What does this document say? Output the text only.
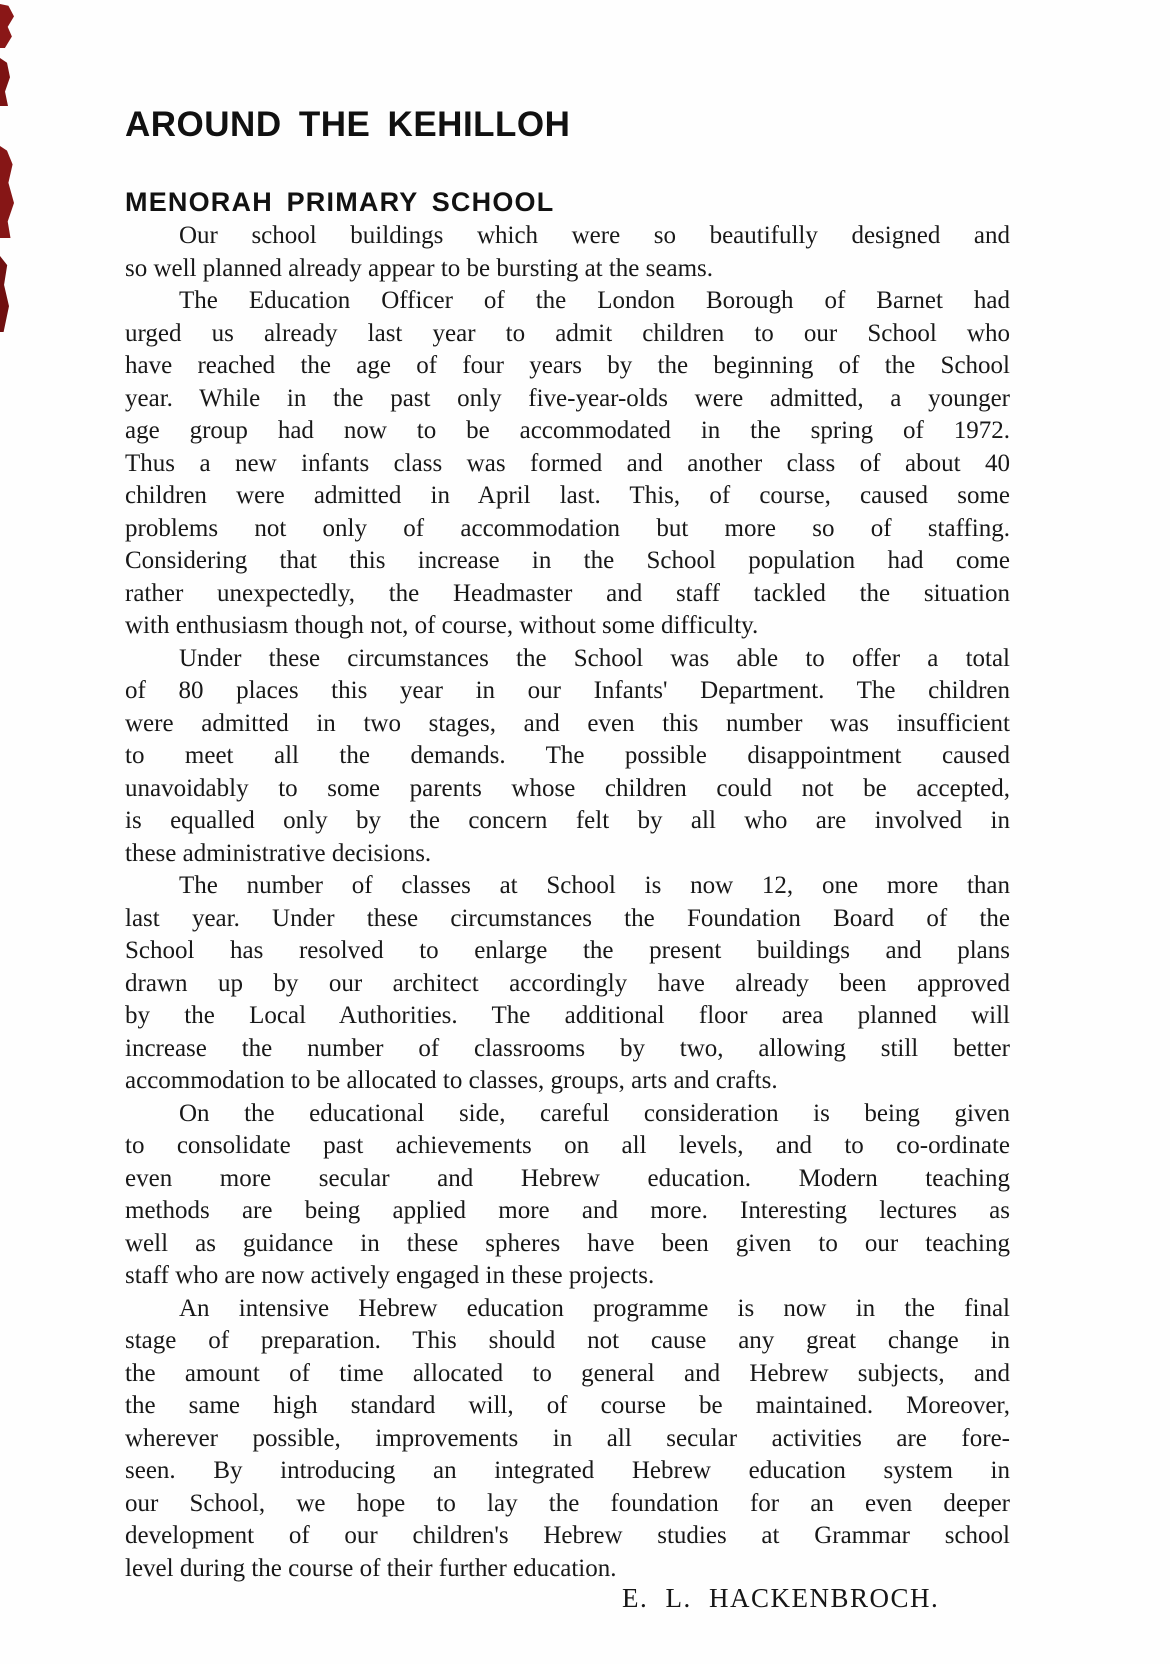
AROUND THE KEHILLOH
MENORAH PRIMARY SCHOOL
Our school buildings which were so beautifully designed and
so well planned already appear to be bursting at the seams.
The Education Officer of the London Borough of Barnet had
urged us already last year to admit children to our School who
have reached the age of four years by the beginning of the School
year. While in the past only five-year-olds were admitted, a younger
age group had now to be accommodated in the spring of 1972.
Thus a new infants class was formed and another class of about 40
children were admitted in April last. This, of course, caused some
problems not only of accommodation but more so of staffing.
Considering that this increase in the School population had come
rather unexpectedly, the Headmaster and staff tackled the situation
with enthusiasm though not, of course, without some difficulty.
Under these circumstances the School was able to offer a total
of 80 places this year in our Infants' Department. The children
were admitted in two stages, and even this number was insufficient
to meet all the demands. The possible disappointment caused
unavoidably to some parents whose children could not be accepted,
is equalled only by the concern felt by all who are involved in
these administrative decisions.
The number of classes at School is now 12, one more than
last year. Under these circumstances the Foundation Board of the
School has resolved to enlarge the present buildings and plans
drawn up by our architect accordingly have already been approved
by the Local Authorities. The additional floor area planned will
increase the number of classrooms by two, allowing still better
accommodation to be allocated to classes, groups, arts and crafts.
On the educational side, careful consideration is being given
to consolidate past achievements on all levels, and to co-ordinate
even more secular and Hebrew education. Modern teaching
methods are being applied more and more. Interesting lectures as
well as guidance in these spheres have been given to our teaching
staff who are now actively engaged in these projects.
An intensive Hebrew education programme is now in the final
stage of preparation. This should not cause any great change in
the amount of time allocated to general and Hebrew subjects, and
the same high standard will, of course be maintained. Moreover,
wherever possible, improvements in all secular activities are fore-
seen. By introducing an integrated Hebrew education system in
our School, we hope to lay the foundation for an even deeper
development of our children's Hebrew studies at Grammar school
level during the course of their further education.
E. L. HACKENBROCH.
